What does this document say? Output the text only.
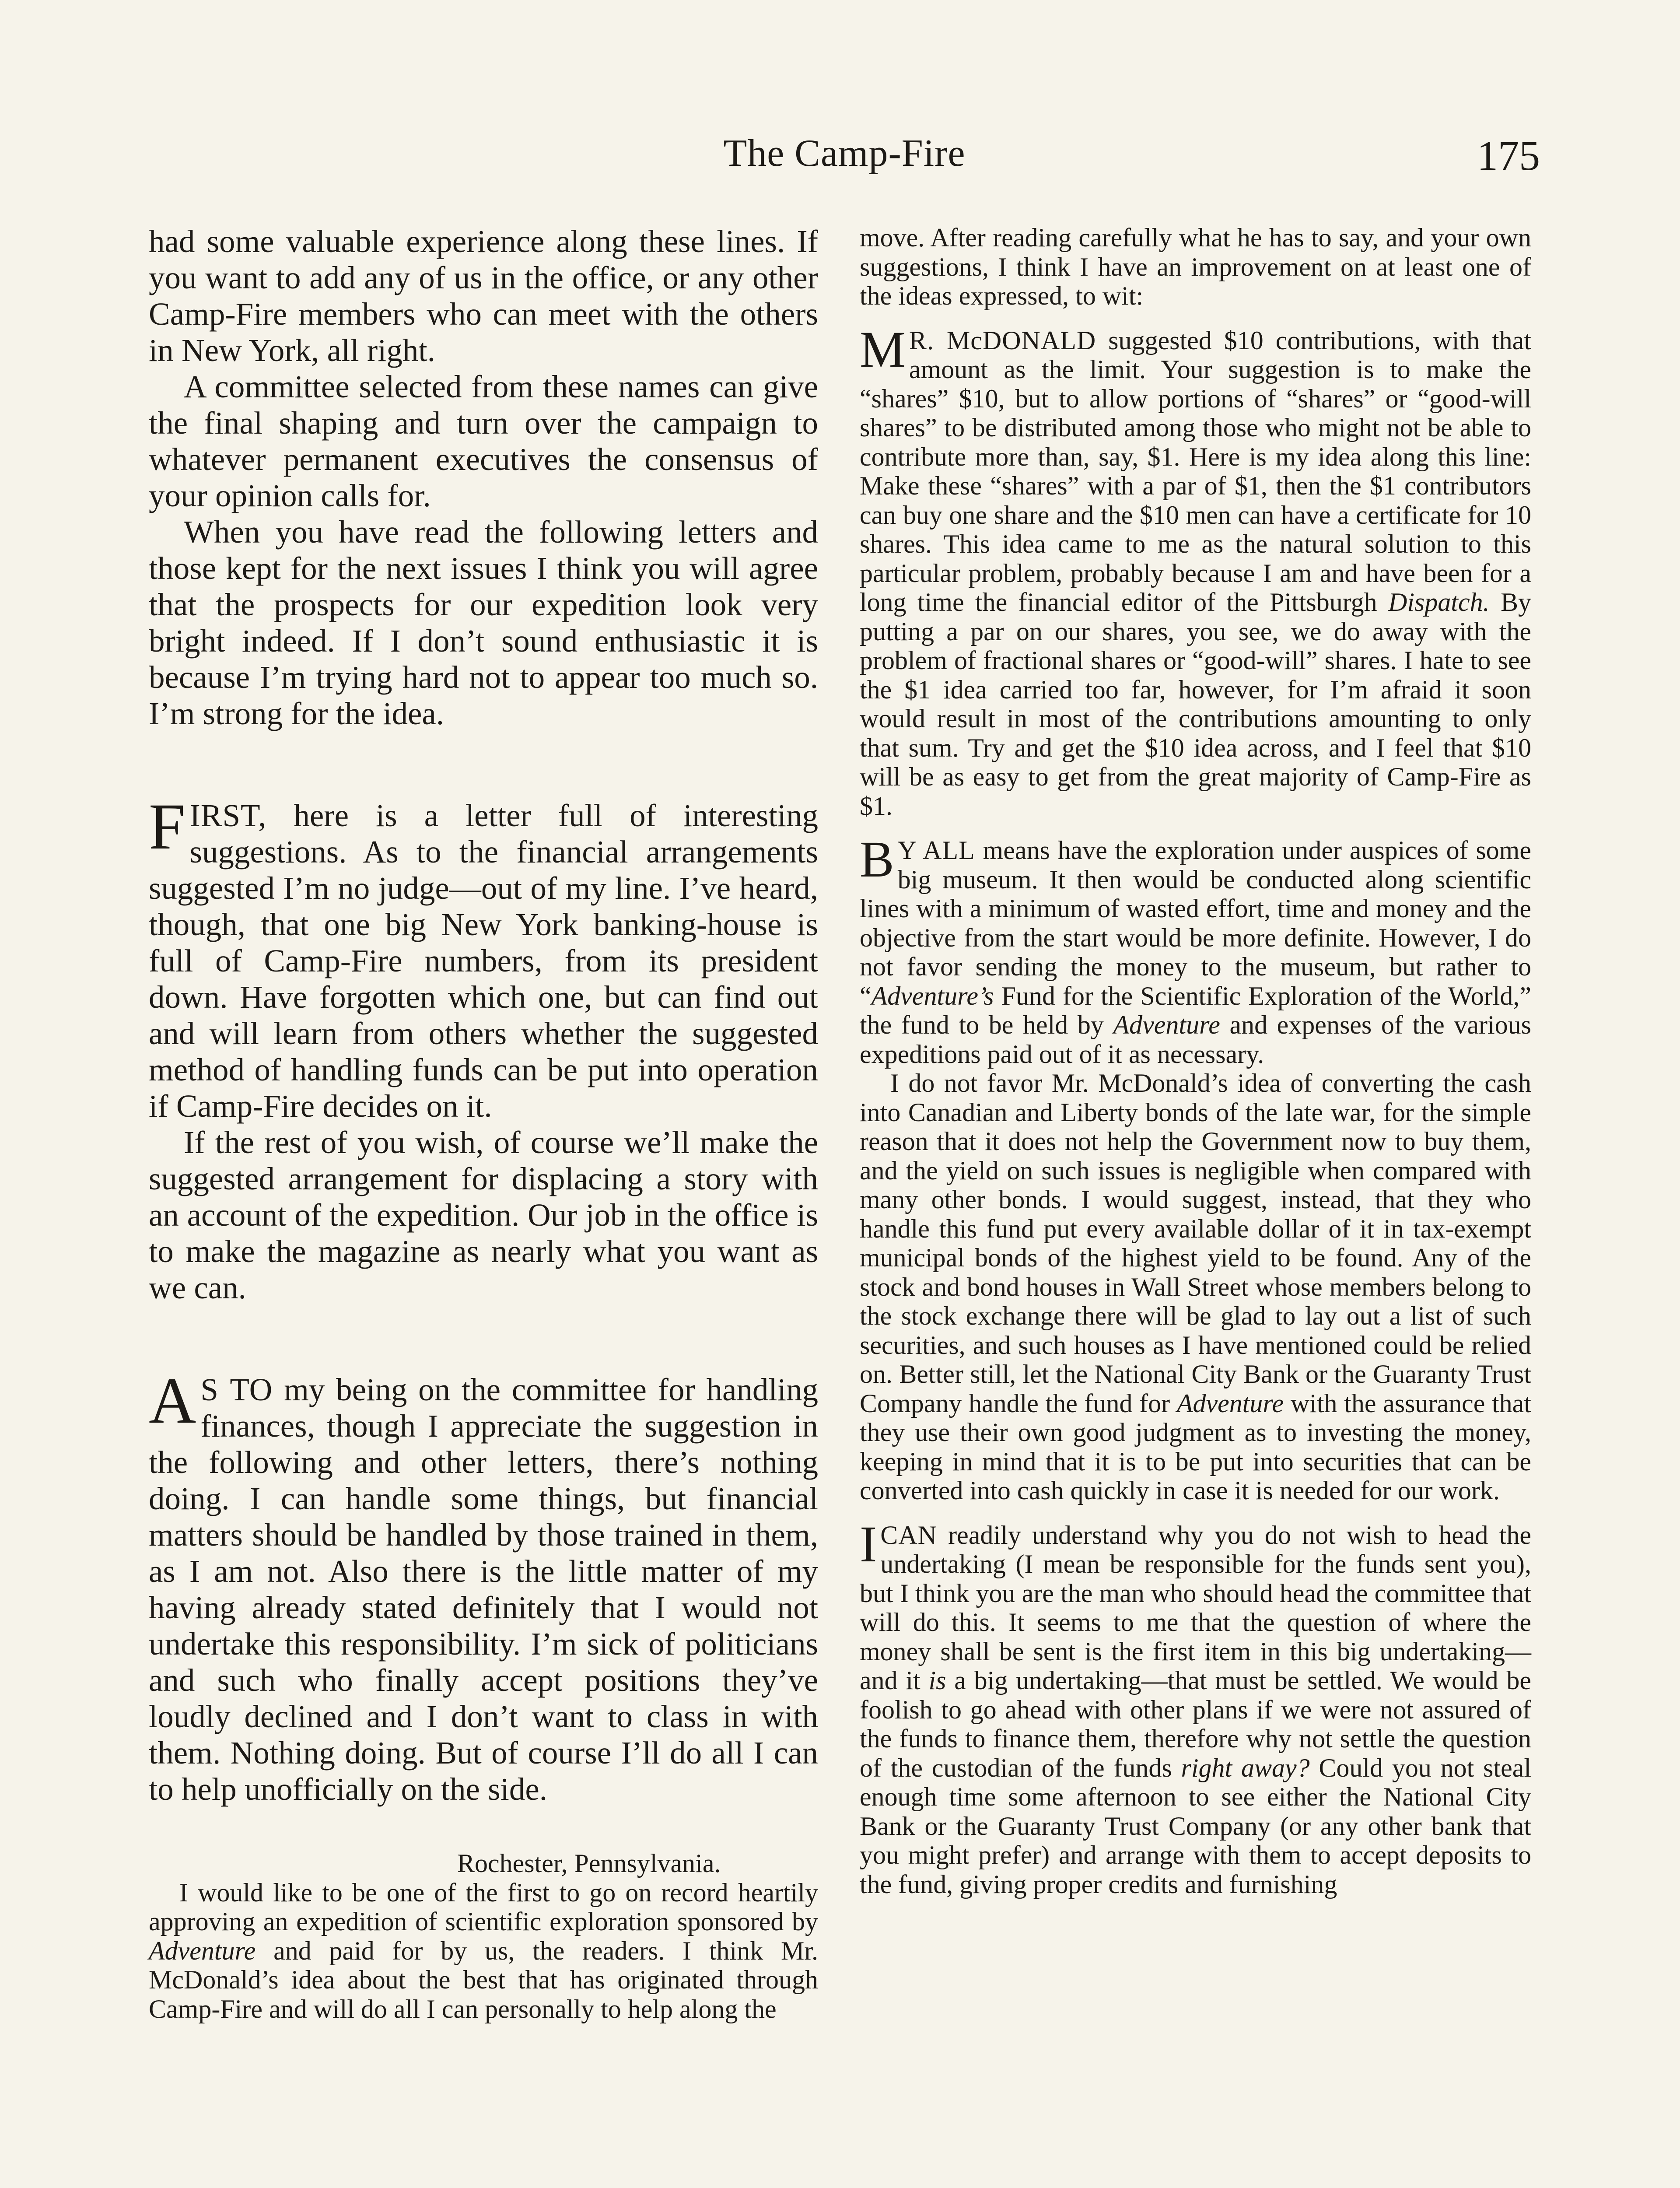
The Camp-Fire	175

had some valuable experience along these lines. If you want to add any of us in the office, or any other Camp-Fire members who can meet with the others in New York, all right.

A committee selected from these names can give the final shaping and turn over the campaign to whatever permanent executives the consensus of your opinion calls for.

When you have read the following letters and those kept for the next issues I think you will agree that the prospects for our expedition look very bright indeed. If I don’t sound enthusiastic it is because I’m trying hard not to appear too much so. I’m strong for the idea.

FIRST, here is a letter full of interesting suggestions. As to the financial arrangements suggested I’m no judge—out of my line. I’ve heard, though, that one big New York banking-house is full of Camp-Fire numbers, from its president down. Have forgotten which one, but can find out and will learn from others whether the suggested method of handling funds can be put into operation if Camp-Fire decides on it.

If the rest of you wish, of course we’ll make the suggested arrangement for displacing a story with an account of the expedition. Our job in the office is to make the magazine as nearly what you want as we can.

A S TO my being on the committee for handling finances, though I appreciate the suggestion in the following and other letters, there’s nothing doing. I can handle some things, but financial matters should be handled by those trained in them, as I am not. Also there is the little matter of my having already stated definitely that I would not undertake this responsibility. I’m sick of politicians and such who finally accept positions they’ve loudly declined and I don’t want to class in with them. Nothing doing. But of course I’ll do all I can to help unofficially on the side.

Rochester, Pennsylvania.

I would like to be one of the first to go on record heartily approving an expedition of scientific exploration sponsored by Adventure and paid for by us, the readers. I think Mr. McDonald’s idea about the best that has originated through Camp-Fire and will do all I can personally to help along the

move. After reading carefully what he has to say, and your own suggestions, I think I have an improvement on at least one of the ideas expressed, to wit:

M R. McDONALD suggested $10 contributions, with that amount as the limit. Your suggestion is to make the “shares” $10, but to allow portions of “shares” or “good-will shares” to be distributed among those who might not be able to contribute more than, say, $1. Here is my idea along this line: Make these “shares” with a par of $1, then the $1 contributors can buy one share and the $10 men can have a certificate for 10 shares. This idea came to me as the natural solution to this particular problem, probably because I am and have been for a long time the financial editor of the Pittsburgh Dispatch. By putting a par on our shares, you see, we do away with the problem of fractional shares or “good-will” shares. I hate to see the $1 idea carried too far, however, for I’m afraid it soon would result in most of the contributions amounting to only that sum. Try and get the $10 idea across, and I feel that $10 will be as easy to get from the great majority of Camp-Fire as $1.

B Y ALL means have the exploration under auspices of some big museum. It then would be conducted along scientific lines with a minimum of wasted effort, time and money and the objective from the start would be more definite. However, I do not favor sending the money to the museum, but rather to “Adventure’s Fund for the Scientific Exploration of the World,” the fund to be held by Adventure and expenses of the various expeditions paid out of it as necessary.

I do not favor Mr. McDonald’s idea of converting the cash into Canadian and Liberty bonds of the late war, for the simple reason that it does not help the Government now to buy them, and the yield on such issues is negligible when compared with many other bonds. I would suggest, instead, that they who handle this fund put every available dollar of it in tax-exempt municipal bonds of the highest yield to be found. Any of the stock and bond houses in Wall Street whose members belong to the stock exchange there will be glad to lay out a list of such securities, and such houses as I have mentioned could be relied on. Better still, let the National City Bank or the Guaranty Trust Company handle the fund for Adventure with the assurance that they use their own good judgment as to investing the money, keeping in mind that it is to be put into securities that can be converted into cash quickly in case it is needed for our work.

ICAN readily understand why you do not wish to head the undertaking (I mean be responsible for the funds sent you), but I think you are the man who should head the committee that will do this. It seems to me that the question of where the money shall be sent is the first item in this big undertaking—and it is a big undertaking—that must be settled. We would be foolish to go ahead with other plans if we were not assured of the funds to finance them, therefore why not settle the question of the custodian of the funds right away? Could you not steal enough time some afternoon to see either the National City Bank or the Guaranty Trust Company (or any other bank that you might prefer) and arrange with them to accept deposits to the fund, giving proper credits and furnishing
